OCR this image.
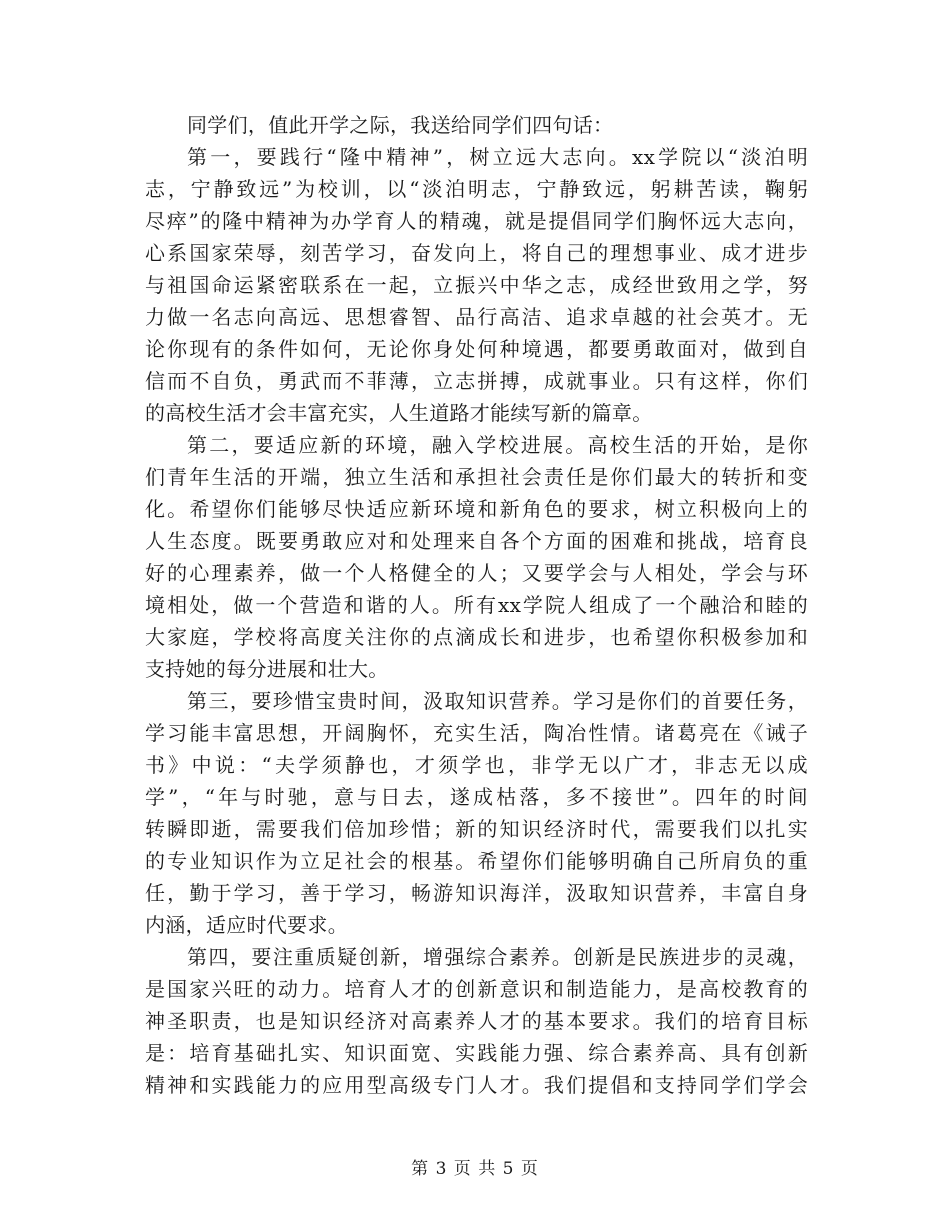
同学们，值此开学之际，我送给同学们四句话：
第一，要践行“隆中精神”，树立远大志向。xx学院以“淡泊明
志，宁静致远”为校训，以“淡泊明志，宁静致远，躬耕苦读，鞠躬
尽瘁”的隆中精神为办学育人的精魂，就是提倡同学们胸怀远大志向，
心系国家荣辱，刻苦学习，奋发向上，将自己的理想事业、成才进步
与祖国命运紧密联系在一起，立振兴中华之志，成经世致用之学，努
力做一名志向高远、思想睿智、品行高洁、追求卓越的社会英才。无
论你现有的条件如何，无论你身处何种境遇，都要勇敢面对，做到自
信而不自负，勇武而不菲薄，立志拼搏，成就事业。只有这样，你们
的高校生活才会丰富充实，人生道路才能续写新的篇章。
第二，要适应新的环境，融入学校进展。高校生活的开始，是你
们青年生活的开端，独立生活和承担社会责任是你们最大的转折和变
化。希望你们能够尽快适应新环境和新角色的要求，树立积极向上的
人生态度。既要勇敢应对和处理来自各个方面的困难和挑战，培育良
好的心理素养，做一个人格健全的人；又要学会与人相处，学会与环
境相处，做一个营造和谐的人。所有xx学院人组成了一个融洽和睦的
大家庭，学校将高度关注你的点滴成长和进步，也希望你积极参加和
支持她的每分进展和壮大。
第三，要珍惜宝贵时间，汲取知识营养。学习是你们的首要任务，
学习能丰富思想，开阔胸怀，充实生活，陶冶性情。诸葛亮在《诫子
书》中说：“夫学须静也，才须学也，非学无以广才，非志无以成
学”，“年与时驰，意与日去，遂成枯落，多不接世”。四年的时间
转瞬即逝，需要我们倍加珍惜；新的知识经济时代，需要我们以扎实
的专业知识作为立足社会的根基。希望你们能够明确自己所肩负的重
任，勤于学习，善于学习，畅游知识海洋，汲取知识营养，丰富自身
内涵，适应时代要求。
第四，要注重质疑创新，增强综合素养。创新是民族进步的灵魂，
是国家兴旺的动力。培育人才的创新意识和制造能力，是高校教育的
神圣职责，也是知识经济对高素养人才的基本要求。我们的培育目标
是：培育基础扎实、知识面宽、实践能力强、综合素养高、具有创新
精神和实践能力的应用型高级专门人才。我们提倡和支持同学们学会
第 3 页 共 5 页
